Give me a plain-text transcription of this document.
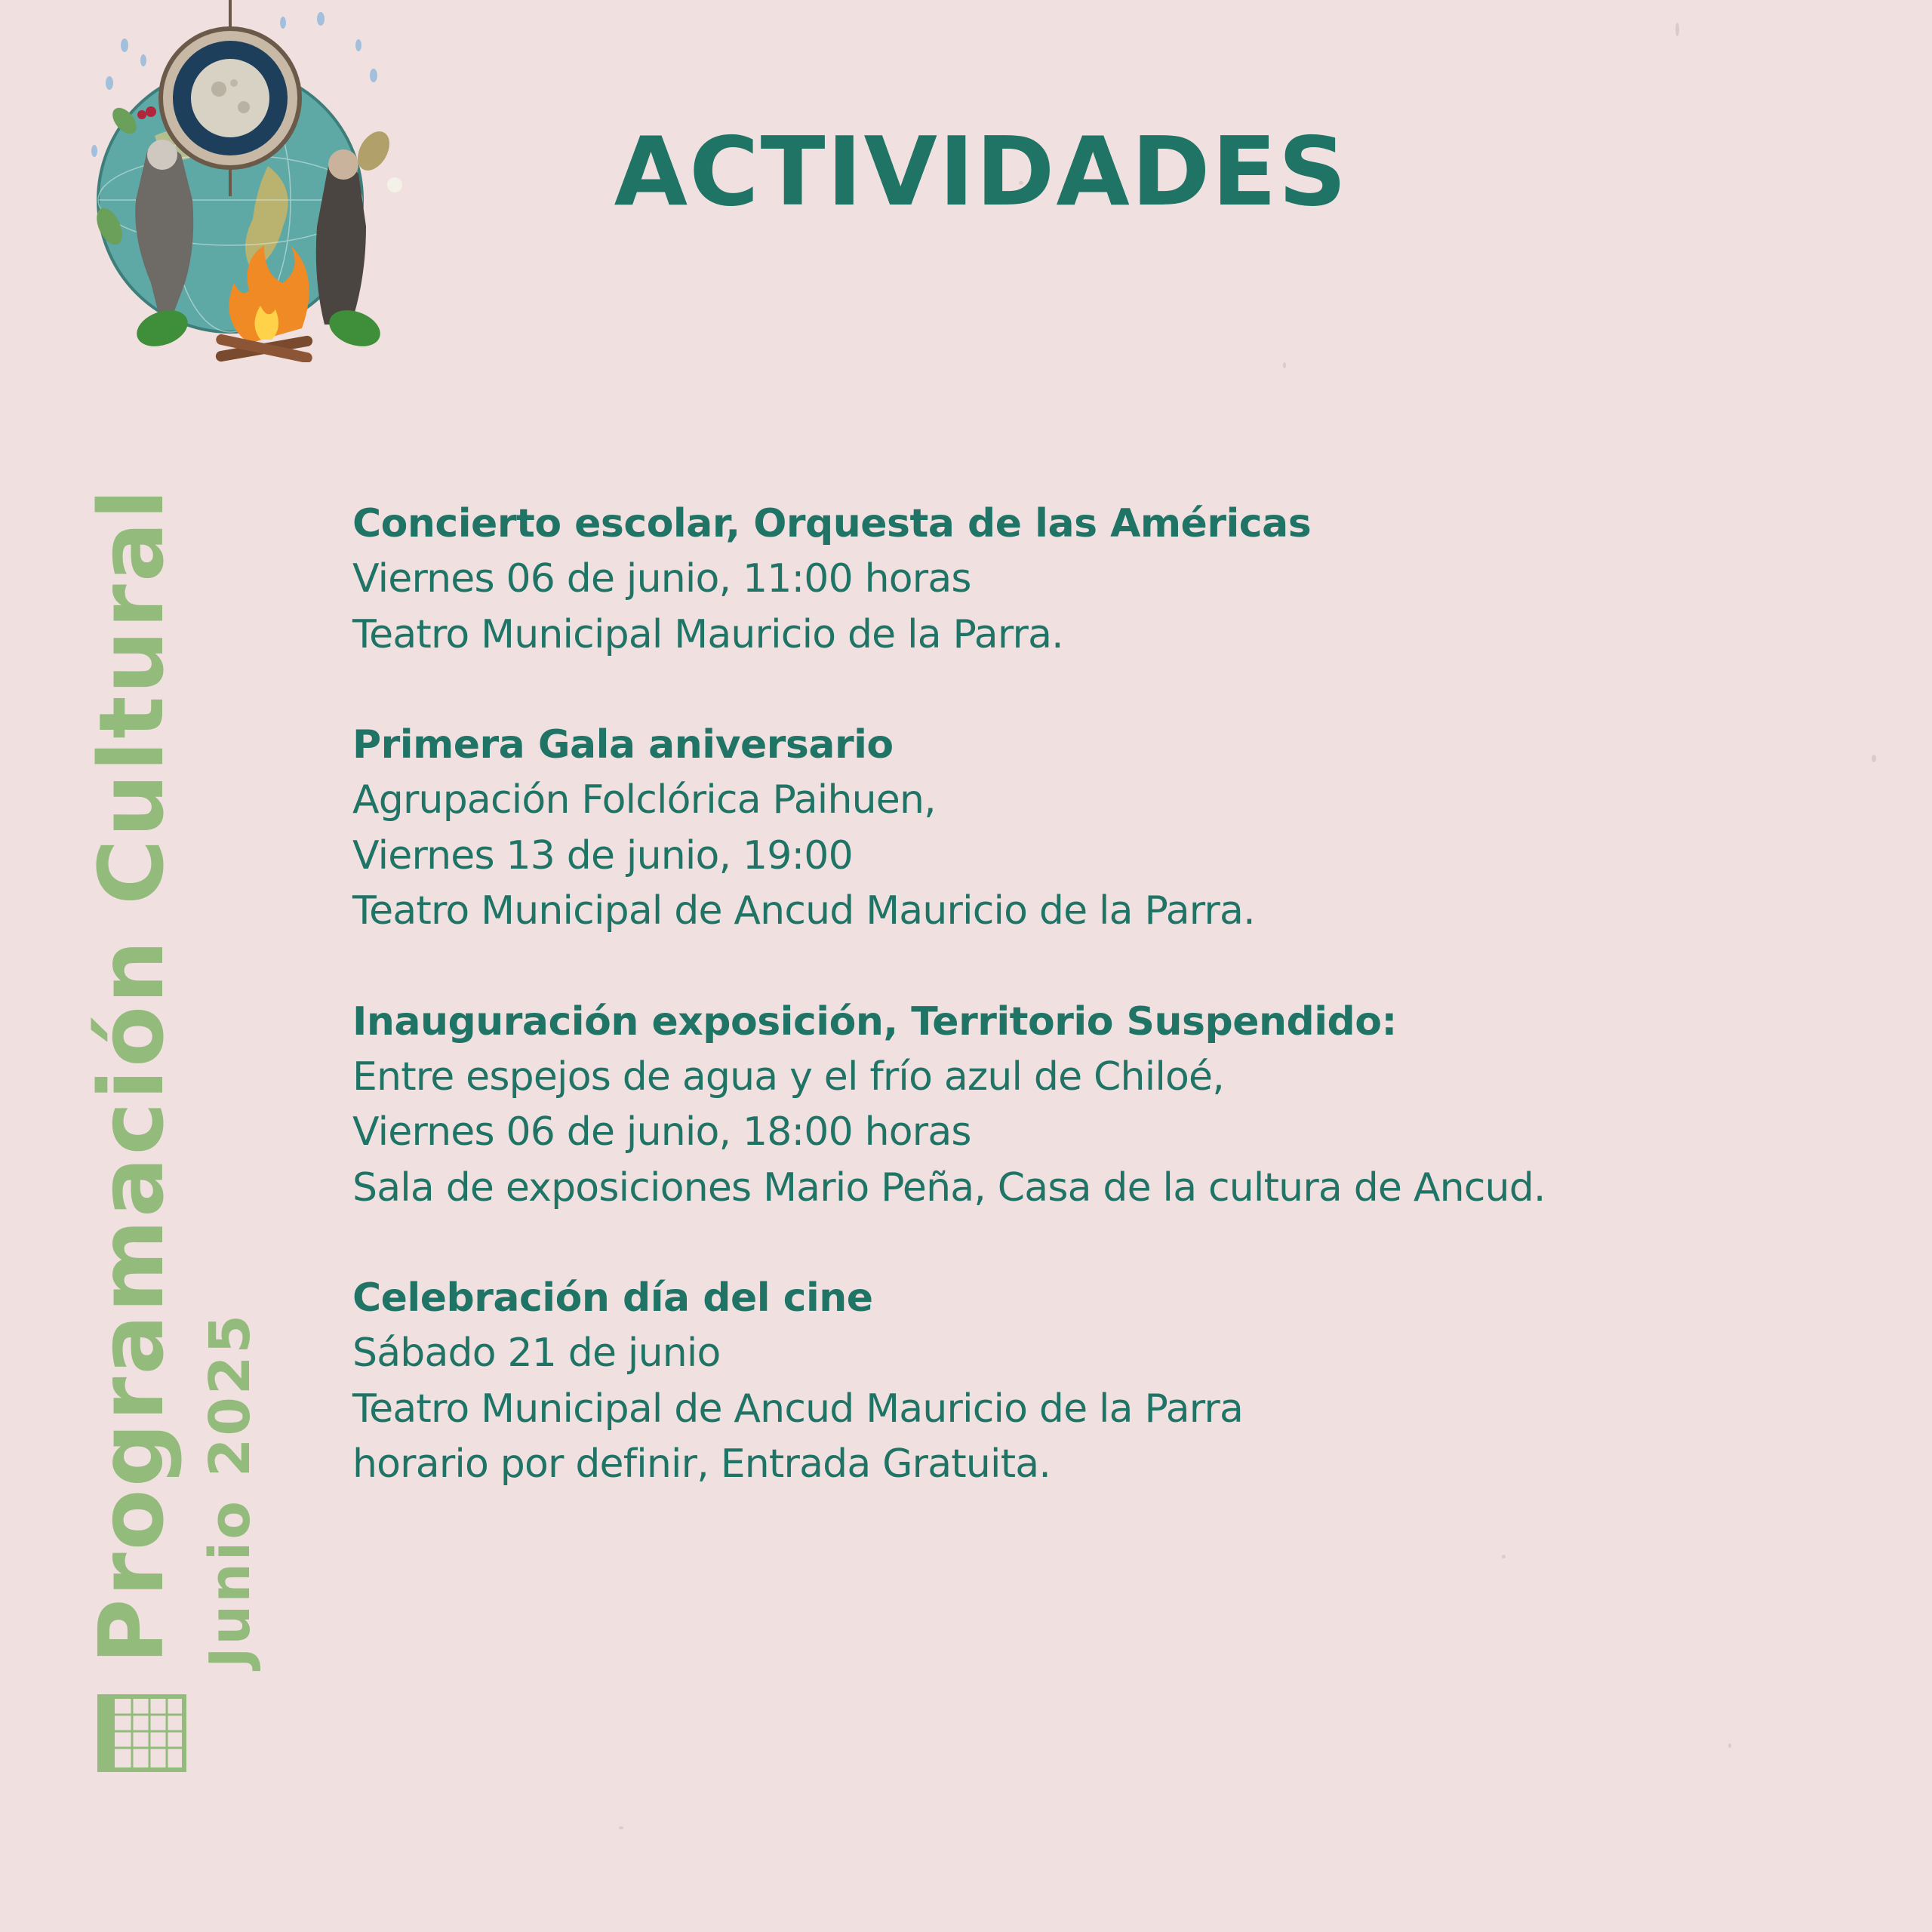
ACTIVIDADES
Concierto escolar, Orquesta de las Américas
Viernes 06 de junio, 11:00 horas
Teatro Municipal Mauricio de la Parra.
Primera Gala aniversario
Agrupación Folclórica Paihuen,
Viernes 13 de junio, 19:00
Teatro Municipal de Ancud Mauricio de la Parra.
Inauguración exposición, Territorio Suspendido:
Entre espejos de agua y el frío azul de Chiloé,
Viernes 06 de junio, 18:00 horas
Sala de exposiciones Mario Peña, Casa de la cultura de Ancud.
Celebración día del cine
Sábado 21 de junio
Teatro Municipal de Ancud Mauricio de la Parra
horario por definir, Entrada Gratuita.
Programación Cultural Junio 2025
